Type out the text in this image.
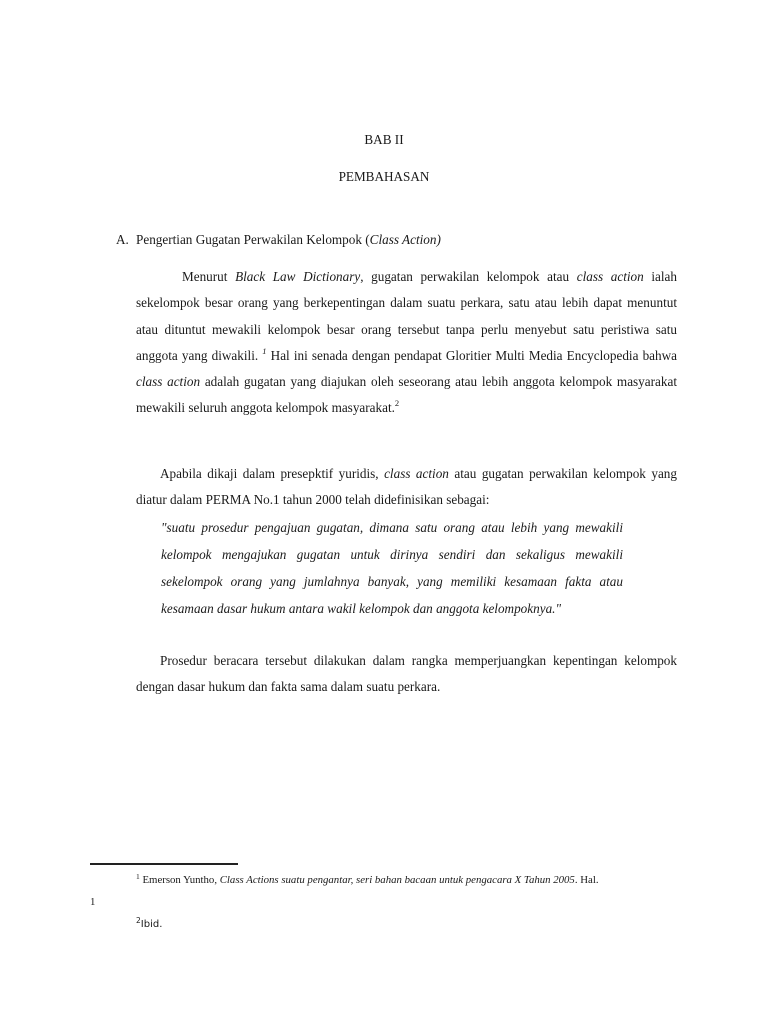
BAB II
PEMBAHASAN
A. Pengertian Gugatan Perwakilan Kelompok (Class Action)

Menurut Black Law Dictionary, gugatan perwakilan kelompok atau class action ialah sekelompok besar orang yang berkepentingan dalam suatu perkara, satu atau lebih dapat menuntut atau dituntut mewakili kelompok besar orang tersebut tanpa perlu menyebut satu peristiwa satu anggota yang diwakili. $^1$ Hal ini senada dengan pendapat Gloritier Multi Media Encyclopedia bahwa class action adalah gugatan yang diajukan oleh seseorang atau lebih anggota kelompok masyarakat mewakili seluruh anggota kelompok masyarakat.$^2$

Apabila dikaji dalam presepktif yuridis, class action atau gugatan perwakilan kelompok yang diatur dalam PERMA No.1 tahun 2000 telah didefinisikan sebagai:

"suatu prosedur pengajuan gugatan, dimana satu orang atau lebih yang mewakili kelompok mengajukan gugatan untuk dirinya sendiri dan sekaligus mewakili sekelompok orang yang jumlahnya banyak, yang memiliki kesamaan fakta atau kesamaan dasar hukum antara wakil kelompok dan anggota kelompoknya."

Prosedur beracara tersebut dilakukan dalam rangka memperjuangkan kepentingan kelompok dengan dasar hukum dan fakta sama dalam suatu perkara.

$^1$ Emerson Yuntho, Class Actions suatu pengantar, seri bahan bacaan untuk pengacara X Tahun 2005. Hal.
1
$^2$Ibid.
